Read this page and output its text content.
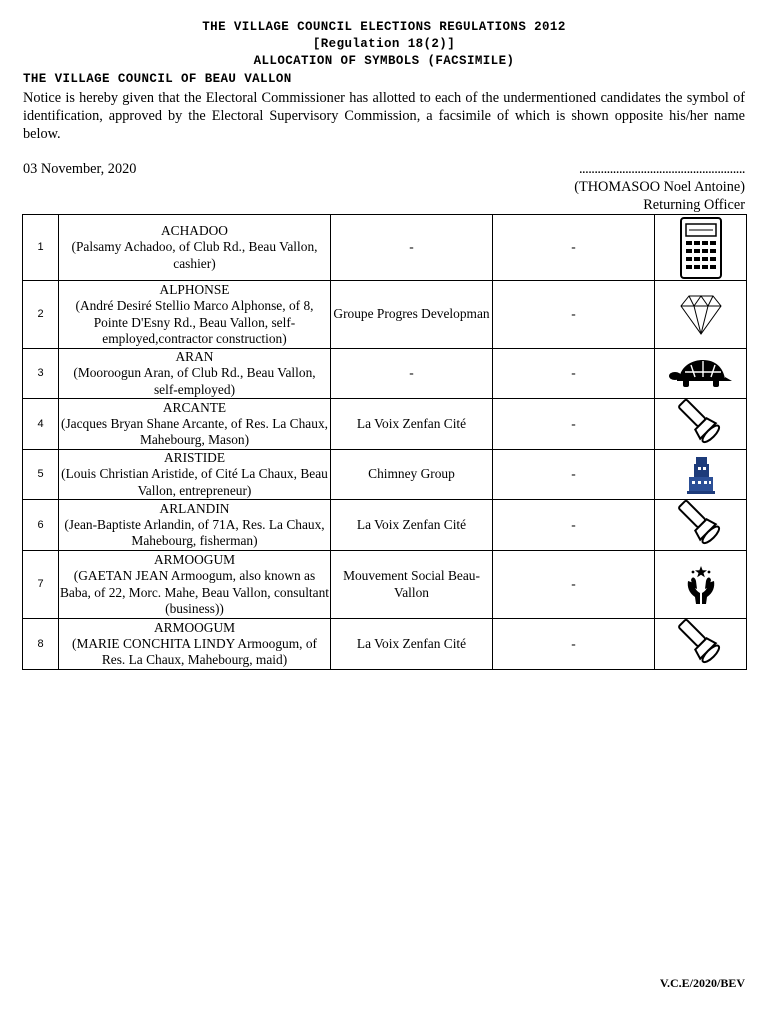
THE VILLAGE COUNCIL ELECTIONS REGULATIONS 2012
[Regulation 18(2)]
ALLOCATION OF SYMBOLS (FACSIMILE)
THE VILLAGE COUNCIL OF BEAU VALLON
Notice is hereby given that the Electoral Commissioner has allotted to each of the undermentioned candidates the symbol of identification, approved by the Electoral Supervisory Commission, a facsimile of which is shown opposite his/her name below.
03 November, 2020	......................................................
(THOMASOO Noel Antoine)
Returning Officer
1	ACHADOO
(Palsamy Achadoo, of Club Rd., Beau Vallon, cashier)	-	-	

2	ALPHONSE
(André Desiré Stellio Marco Alphonse, of 8, Pointe D'Esny Rd., Beau Vallon, self-employed,contractor construction)	Groupe Progres Developman	-	

3	ARAN
(Mooroogun Aran, of Club Rd., Beau Vallon, self-employed)	-	-	

4	ARCANTE
(Jacques Bryan Shane Arcante, of Res. La Chaux, Mahebourg, Mason)	La Voix Zenfan Cité	-	

5	ARISTIDE
(Louis Christian Aristide, of Cité La Chaux, Beau Vallon, entrepreneur)	Chimney Group	-	

6	ARLANDIN
(Jean-Baptiste Arlandin, of 71A, Res. La Chaux, Mahebourg, fisherman)	La Voix Zenfan Cité	-	

7	ARMOOGUM
(GAETAN JEAN Armoogum, also known as Baba, of 22, Morc. Mahe, Beau Vallon, consultant (business))	Mouvement Social Beau-Vallon	-	

8	ARMOOGUM
(MARIE CONCHITA LINDY Armoogum, of Res. La Chaux, Mahebourg, maid)	La Voix Zenfan Cité	-	
V.C.E/2020/BEV
